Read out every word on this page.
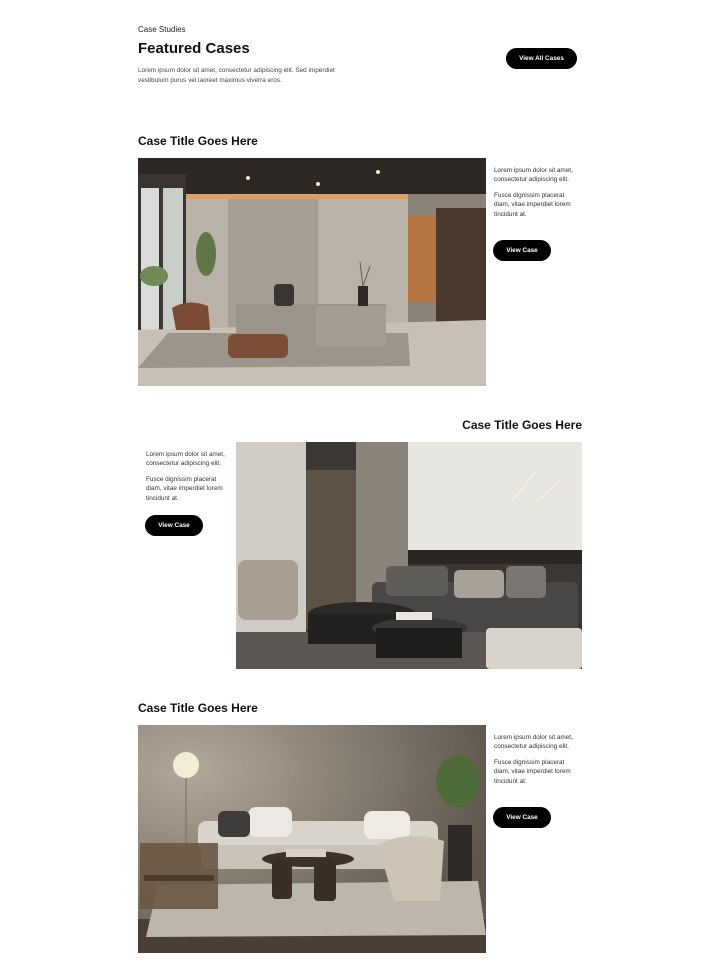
Case Studies
Featured Cases
Lorem ipsum dolor sit amet, consectetur adipiscing elit. Sed imperdiet vestibulum purus vel laoreet maximus viverra eros.
View All Cases
Case Title Goes Here

Lorem ipsum dolor sit amet, consectetur adipiscing elit.

Fusce dignissim placerat diam, vitae imperdiet lorem tincidunt at.

View Case
Case Title Goes Here

Lorem ipsum dolor sit amet, consectetur adipiscing elit.

Fusce dignissim placerat diam, vitae imperdiet lorem tincidunt at.

View Case
Case Title Goes Here

Lorem ipsum dolor sit amet, consectetur adipiscing elit.

Fusce dignissim placerat diam, vitae imperdiet lorem tincidunt at.

View Case
